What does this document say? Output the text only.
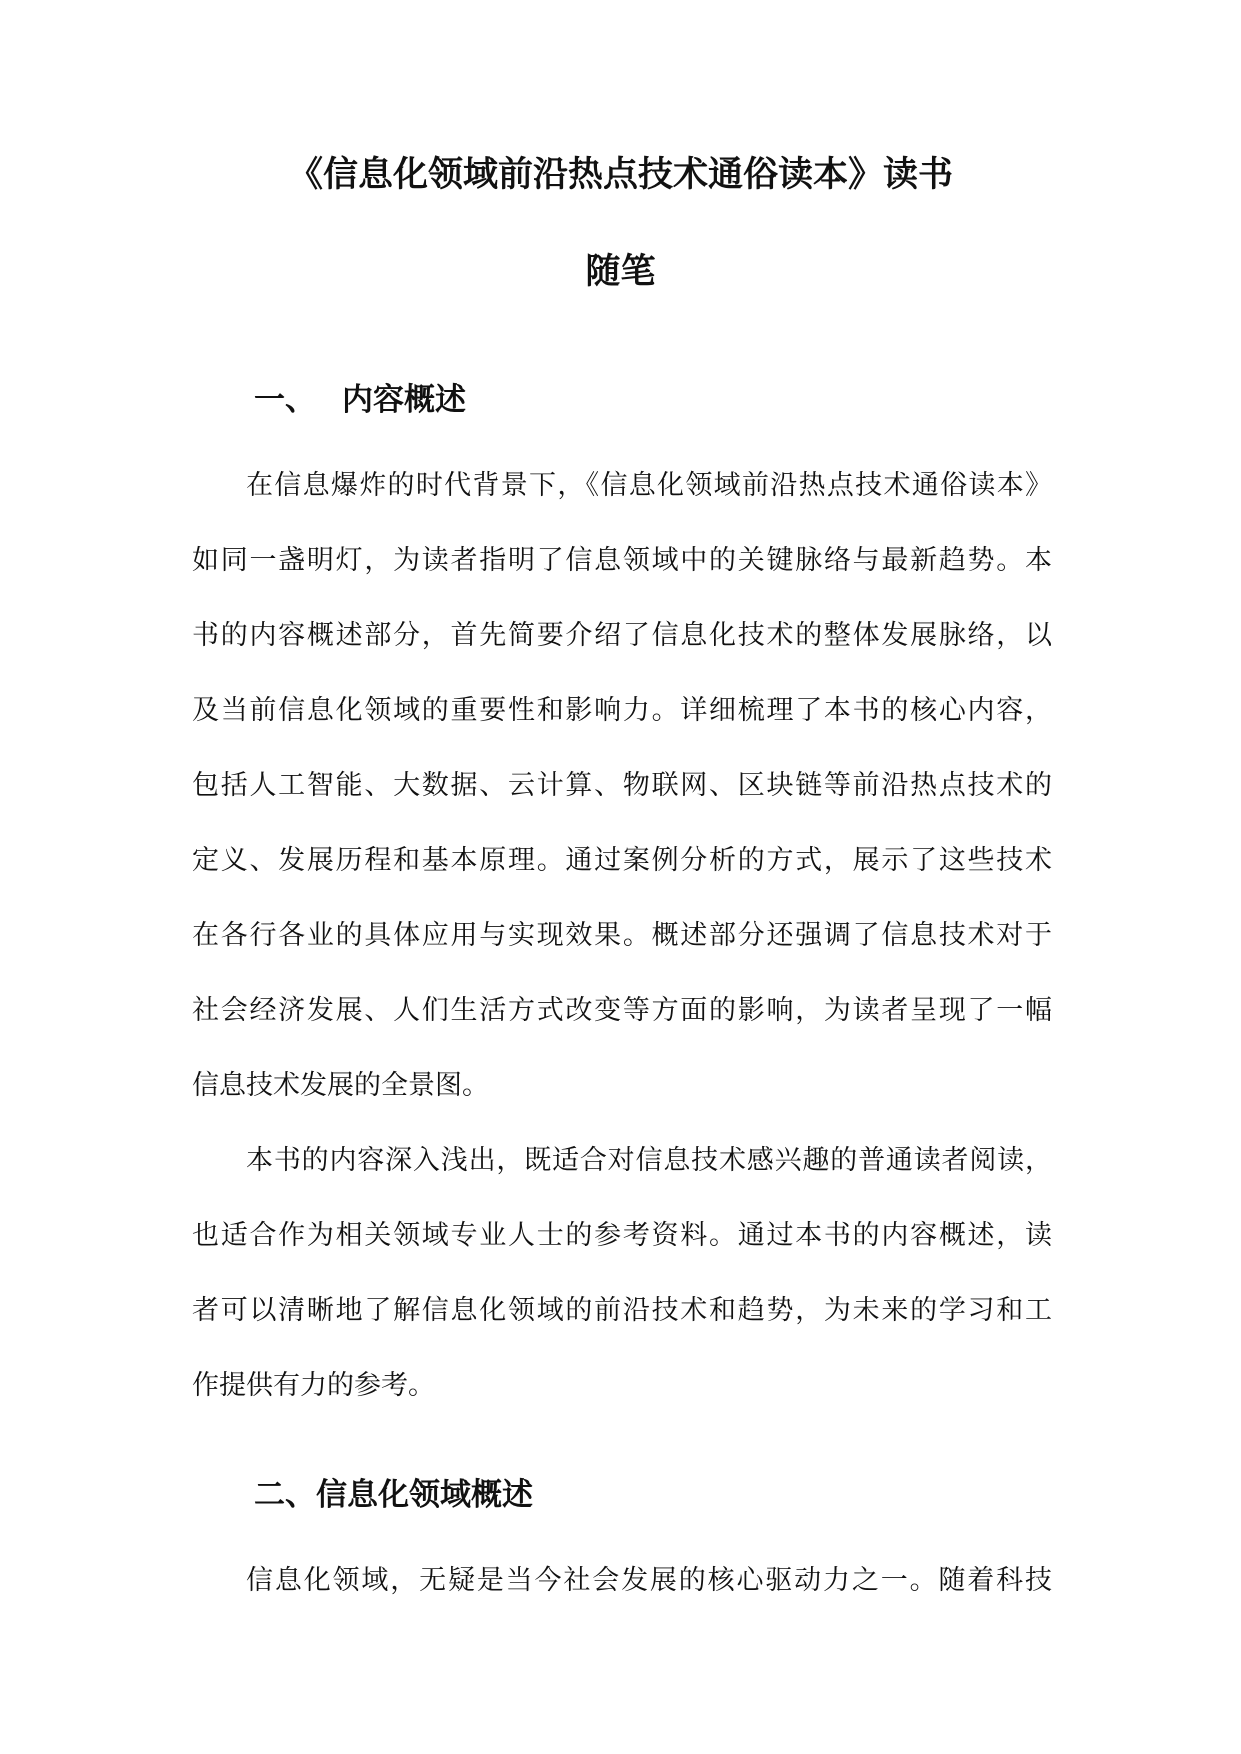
《信息化领域前沿热点技术通俗读本》读书
随笔
一、 内容概述
在信息爆炸的时代背景下，《信息化领域前沿热点技术通俗读本》
如同一盏明灯，为读者指明了信息领域中的关键脉络与最新趋势。本
书的内容概述部分，首先简要介绍了信息化技术的整体发展脉络，以
及当前信息化领域的重要性和影响力。详细梳理了本书的核心内容，
包括人工智能、大数据、云计算、物联网、区块链等前沿热点技术的
定义、发展历程和基本原理。通过案例分析的方式，展示了这些技术
在各行各业的具体应用与实现效果。概述部分还强调了信息技术对于
社会经济发展、人们生活方式改变等方面的影响，为读者呈现了一幅
信息技术发展的全景图。
本书的内容深入浅出，既适合对信息技术感兴趣的普通读者阅读，
也适合作为相关领域专业人士的参考资料。通过本书的内容概述，读
者可以清晰地了解信息化领域的前沿技术和趋势，为未来的学习和工
作提供有力的参考。
二、信息化领域概述
信息化领域，无疑是当今社会发展的核心驱动力之一。随着科技
